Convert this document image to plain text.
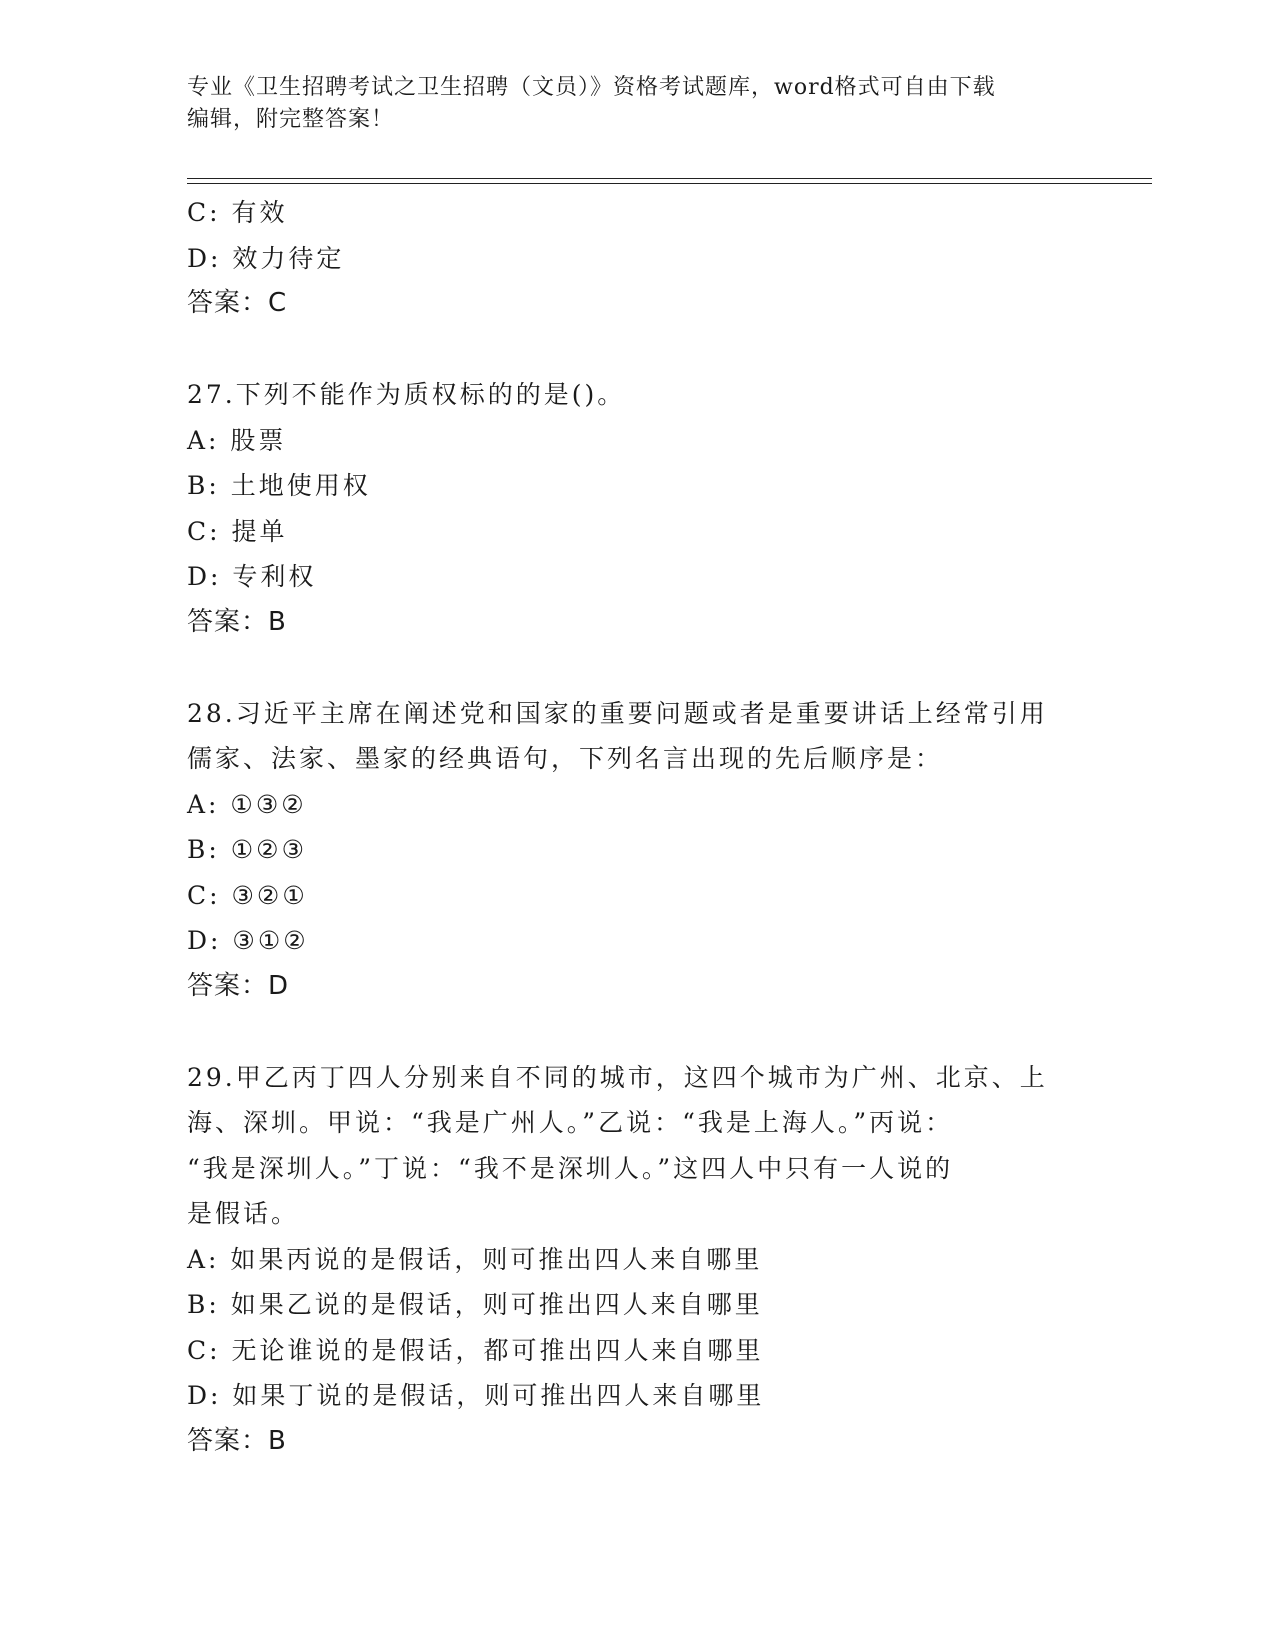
专业《卫生招聘考试之卫生招聘（文员）》资格考试题库，word格式可自由下载
编辑，附完整答案！
C: 有效
D: 效力待定
答案：C
27.下列不能作为质权标的的是()。
A: 股票
B: 土地使用权
C: 提单
D: 专利权
答案：B
28.习近平主席在阐述党和国家的重要问题或者是重要讲话上经常引用
儒家、法家、墨家的经典语句，下列名言出现的先后顺序是：
A: ①③②
B: ①②③
C: ③②①
D: ③①②
答案：D
29.甲乙丙丁四人分别来自不同的城市，这四个城市为广州、北京、上
海、深圳。甲说：“我是广州人。”乙说：“我是上海人。”丙说：
“我是深圳人。”丁说：“我不是深圳人。”这四人中只有一人说的
是假话。
A: 如果丙说的是假话，则可推出四人来自哪里
B: 如果乙说的是假话，则可推出四人来自哪里
C: 无论谁说的是假话，都可推出四人来自哪里
D: 如果丁说的是假话，则可推出四人来自哪里
答案：B
